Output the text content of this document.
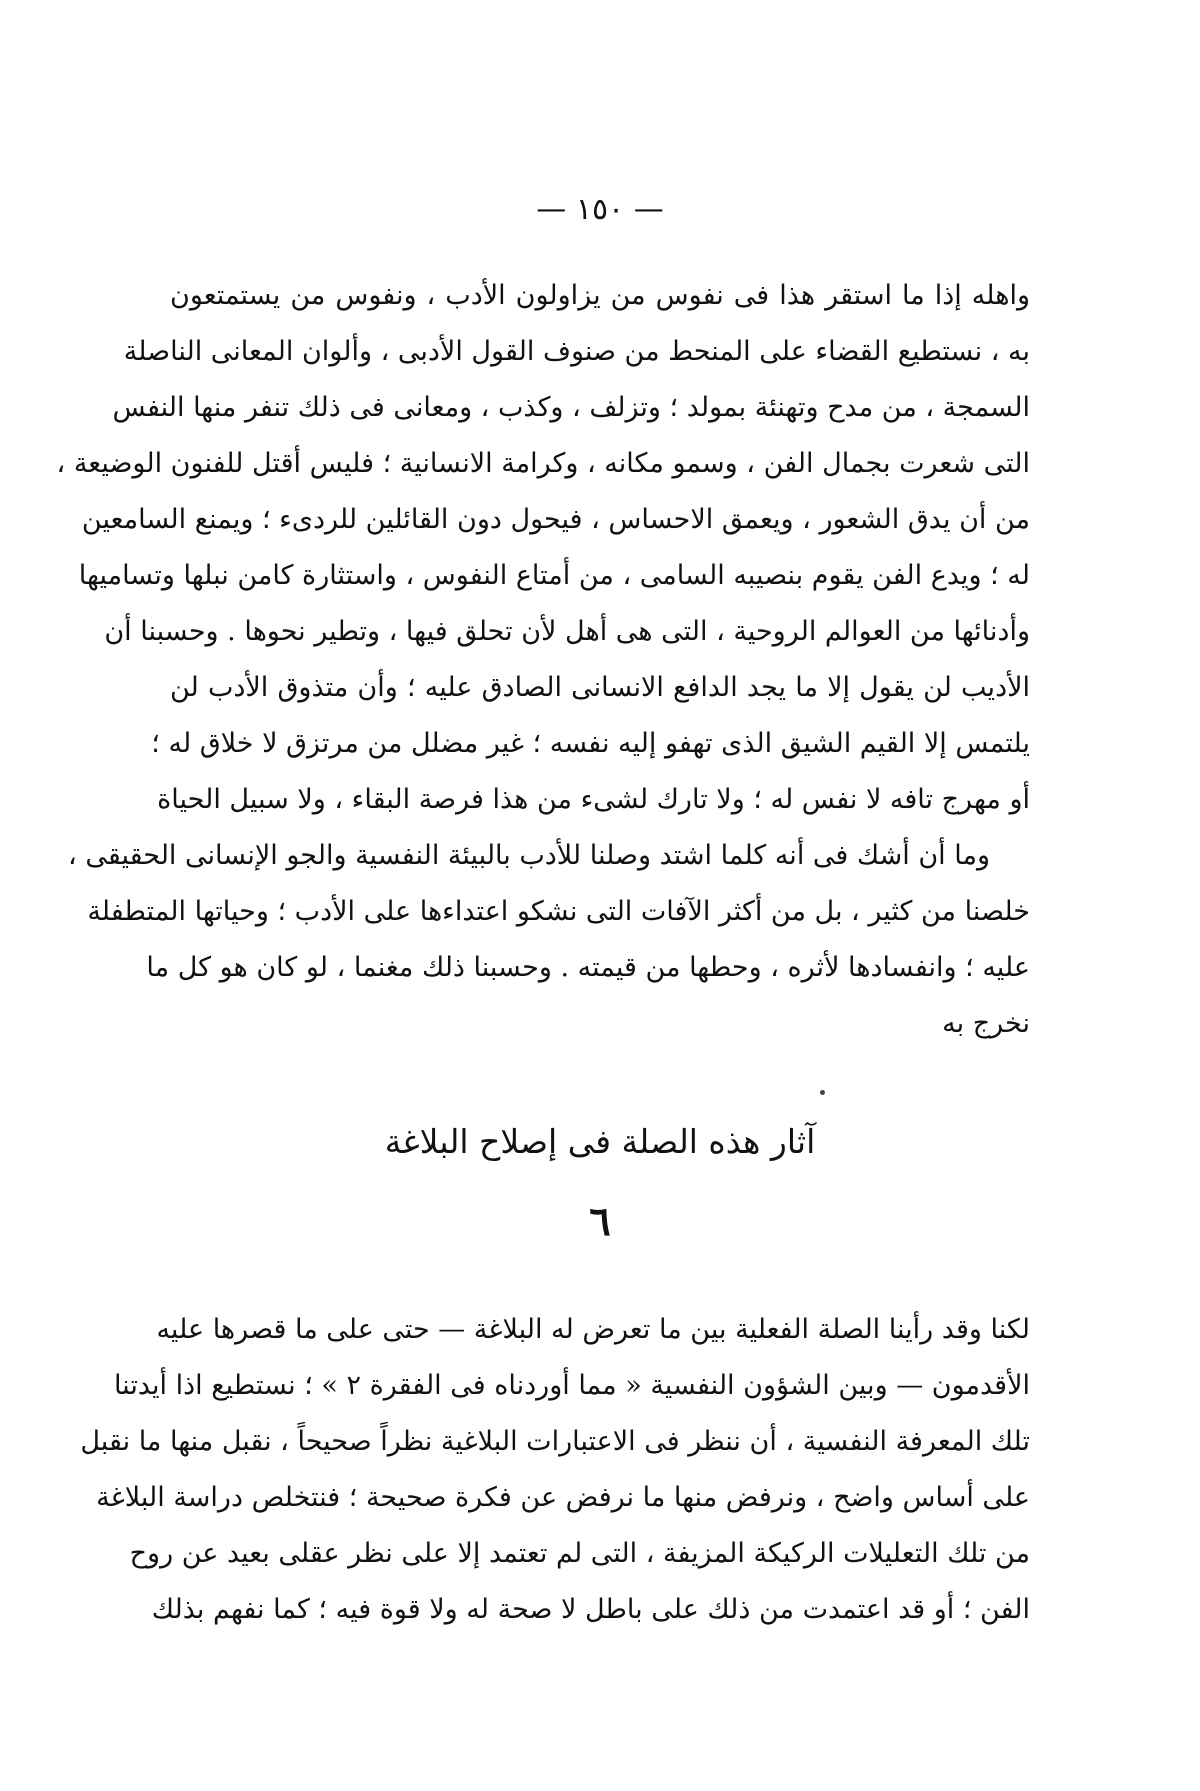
— ١٥٠ —
واهله إذا ما استقر هذا فى نفوس من يزاولون الأدب ، ونفوس من يستمتعون
به ، نستطيع القضاء على المنحط من صنوف القول الأدبى ، وألوان المعانى الناصلة
السمجة ، من مدح وتهنئة بمولد ؛ وتزلف ، وكذب ، ومعانى فى ذلك تنفر منها النفس
التى شعرت بجمال الفن ، وسمو مكانه ، وكرامة الانسانية ؛ فليس أقتل للفنون الوضيعة ،
من أن يدق الشعور ، ويعمق الاحساس ، فيحول دون القائلين للردىء ؛ ويمنع السامعين
له ؛ ويدع الفن يقوم بنصيبه السامى ، من أمتاع النفوس ، واستثارة كامن نبلها وتساميها
وأدنائها من العوالم الروحية ، التى هى أهل لأن تحلق فيها ، وتطير نحوها . وحسبنا أن
الأديب لن يقول إلا ما يجد الدافع الانسانى الصادق عليه ؛ وأن متذوق الأدب لن
يلتمس إلا القيم الشيق الذى تهفو إليه نفسه ؛ غير مضلل من مرتزق لا خلاق له ؛
أو مهرج تافه لا نفس له ؛ ولا تارك لشىء من هذا فرصة البقاء ، ولا سبيل الحياة
وما أن أشك فى أنه كلما اشتد وصلنا للأدب بالبيئة النفسية والجو الإنسانى الحقيقى ،
خلصنا من كثير ، بل من أكثر الآفات التى نشكو اعتداءها على الأدب ؛ وحياتها المتطفلة
عليه ؛ وانفسادها لأثره ، وحطها من قيمته . وحسبنا ذلك مغنما ، لو كان هو كل ما
نخرج به
آثار هذه الصلة فى إصلاح البلاغة
٦
لكنا وقد رأينا الصلة الفعلية بين ما تعرض له البلاغة — حتى على ما قصرها عليه
الأقدمون — وبين الشؤون النفسية « مما أوردناه فى الفقرة ٢ » ؛ نستطيع اذا أيدتنا
تلك المعرفة النفسية ، أن ننظر فى الاعتبارات البلاغية نظراً صحيحاً ، نقبل منها ما نقبل
على أساس واضح ، ونرفض منها ما نرفض عن فكرة صحيحة ؛ فنتخلص دراسة البلاغة
من تلك التعليلات الركيكة المزيفة ، التى لم تعتمد إلا على نظر عقلى بعيد عن روح
الفن ؛ أو قد اعتمدت من ذلك على باطل لا صحة له ولا قوة فيه ؛ كما نفهم بذلك
